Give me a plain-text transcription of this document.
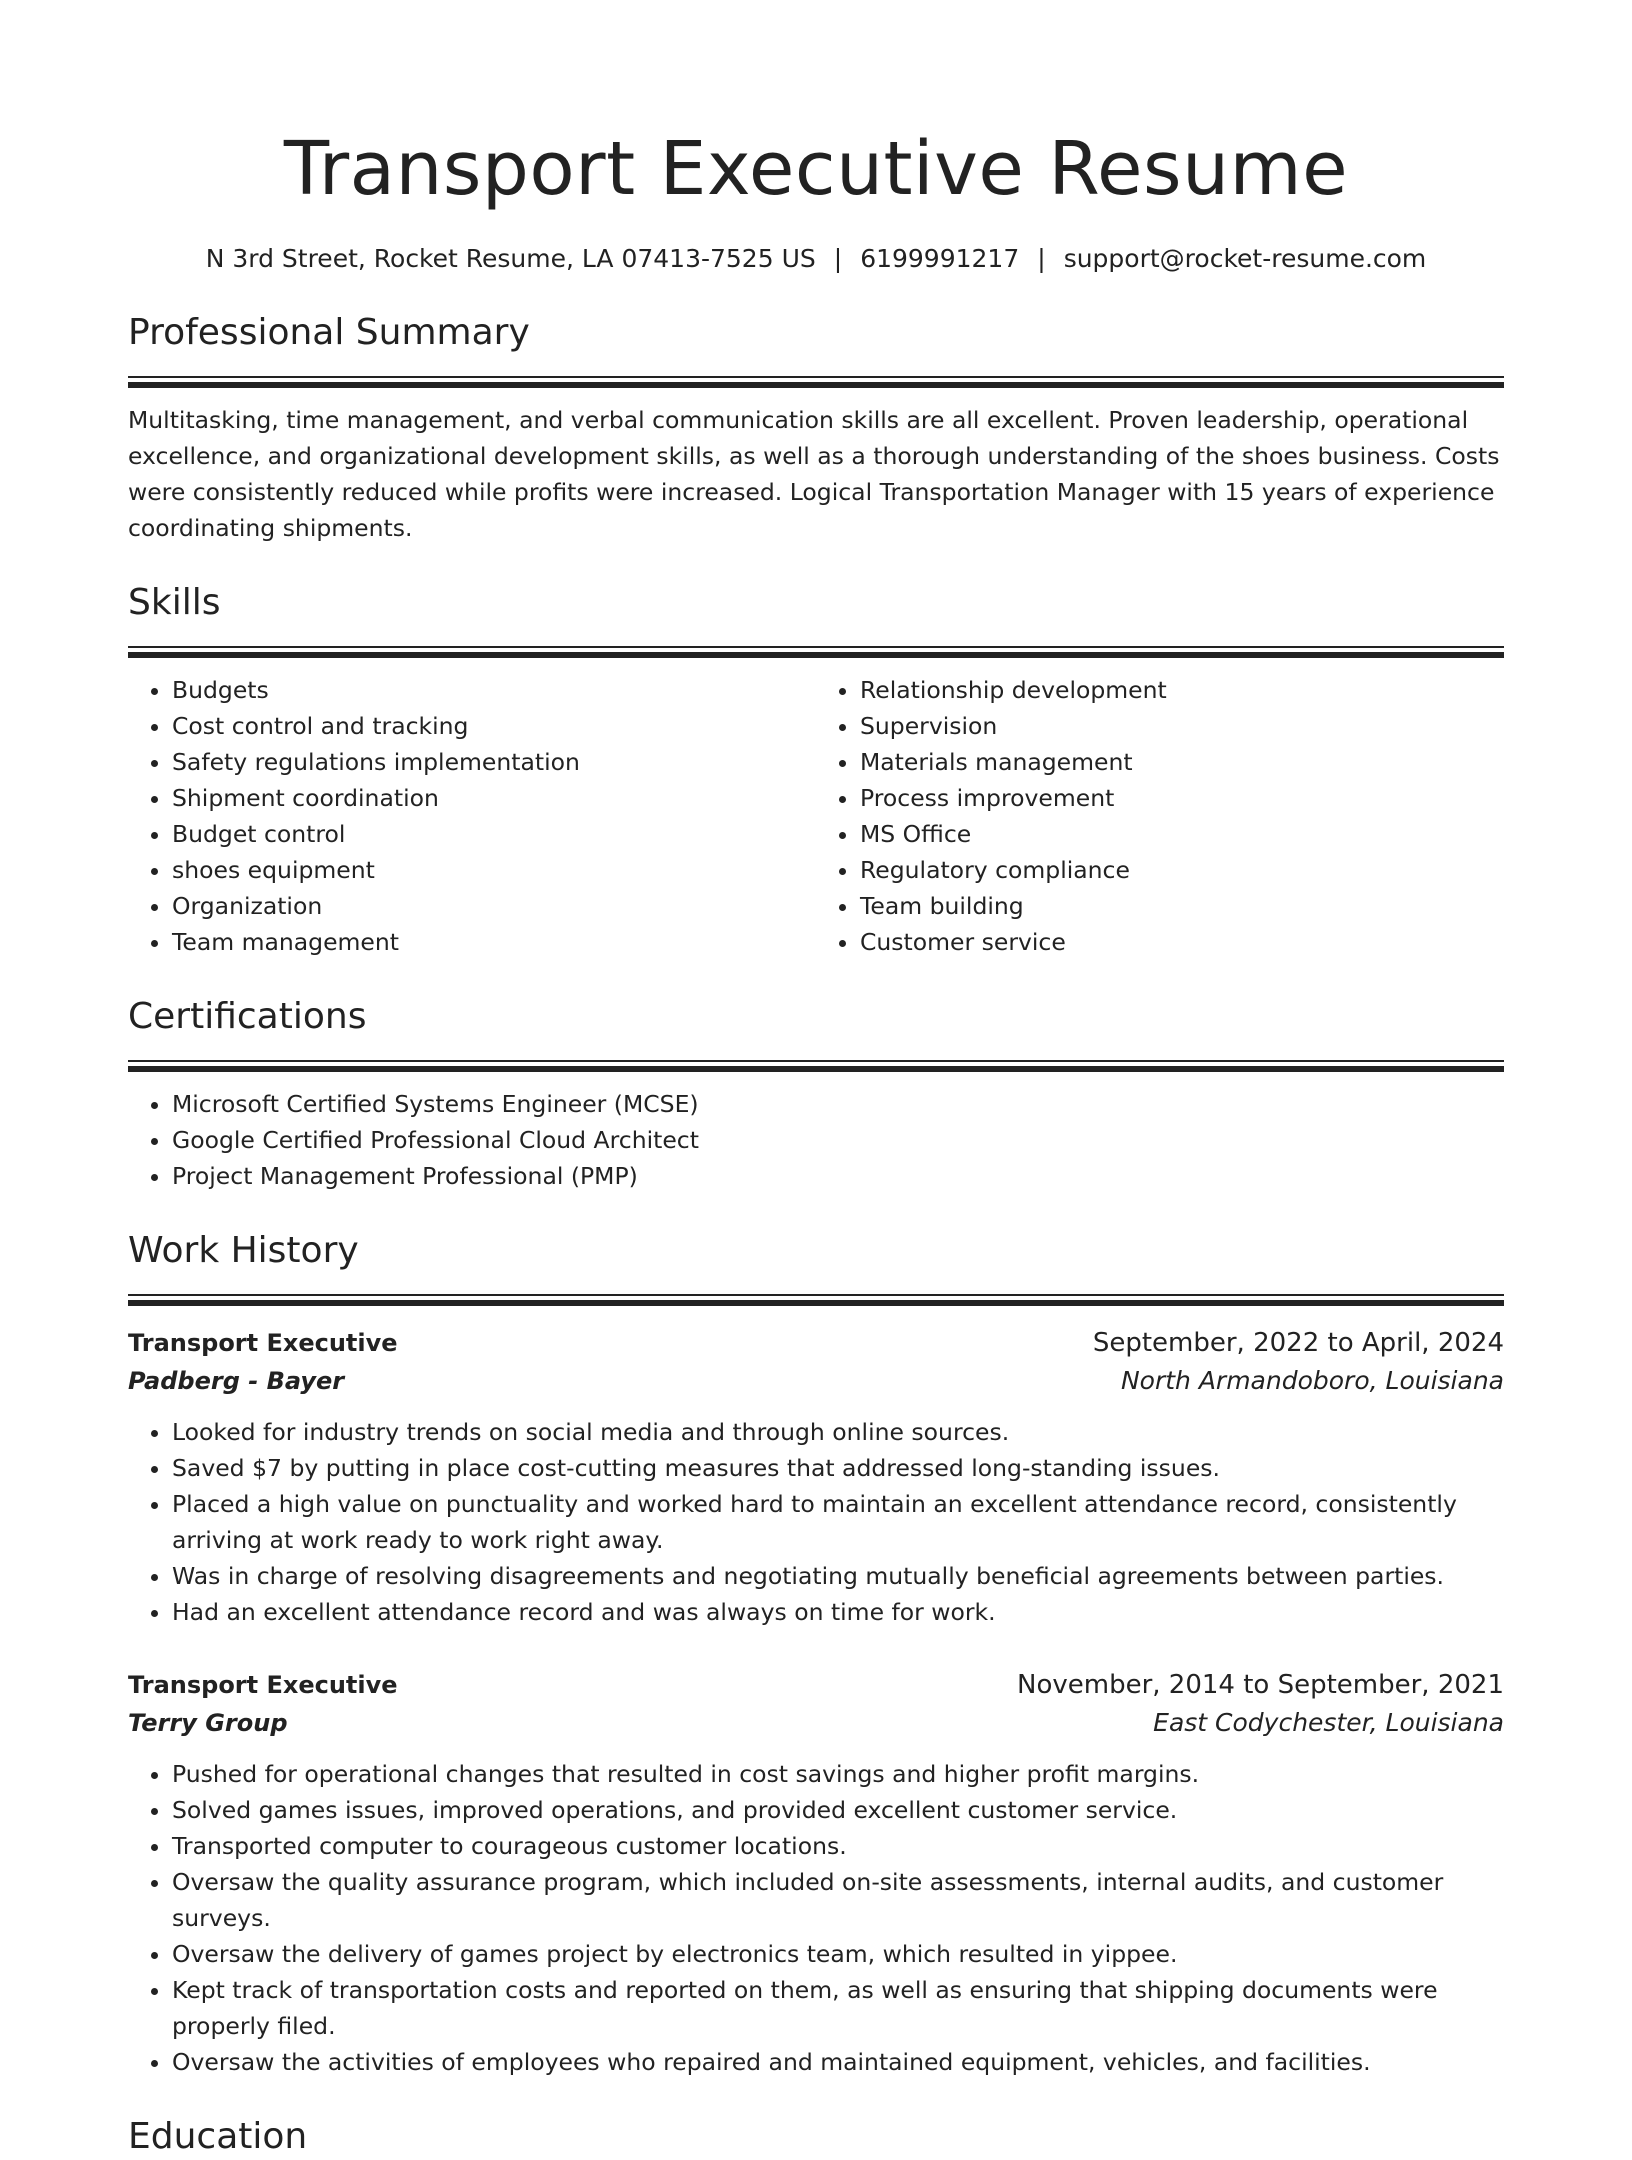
Transport Executive Resume
N 3rd Street, Rocket Resume, LA 07413-7525 US | 6199991217 | support@rocket-resume.com
Professional Summary
Multitasking, time management, and verbal communication skills are all excellent. Proven leadership, operational excellence, and organizational development skills, as well as a thorough understanding of the shoes business. Costs were consistently reduced while profits were increased. Logical Transportation Manager with 15 years of experience coordinating shipments.
Skills
• Budgets
• Cost control and tracking
• Safety regulations implementation
• Shipment coordination
• Budget control
• shoes equipment
• Organization
• Team management
• Relationship development
• Supervision
• Materials management
• Process improvement
• MS Office
• Regulatory compliance
• Team building
• Customer service
Certifications
• Microsoft Certified Systems Engineer (MCSE)
• Google Certified Professional Cloud Architect
• Project Management Professional (PMP)
Work History
Transport Executive	September, 2022 to April, 2024
Padberg - Bayer	North Armandoboro, Louisiana
• Looked for industry trends on social media and through online sources.
• Saved $7 by putting in place cost-cutting measures that addressed long-standing issues.
• Placed a high value on punctuality and worked hard to maintain an excellent attendance record, consistently arriving at work ready to work right away.
• Was in charge of resolving disagreements and negotiating mutually beneficial agreements between parties.
• Had an excellent attendance record and was always on time for work.
Transport Executive	November, 2014 to September, 2021
Terry Group	East Codychester, Louisiana
• Pushed for operational changes that resulted in cost savings and higher profit margins.
• Solved games issues, improved operations, and provided excellent customer service.
• Transported computer to courageous customer locations.
• Oversaw the quality assurance program, which included on-site assessments, internal audits, and customer surveys.
• Oversaw the delivery of games project by electronics team, which resulted in yippee.
• Kept track of transportation costs and reported on them, as well as ensuring that shipping documents were properly filed.
• Oversaw the activities of employees who repaired and maintained equipment, vehicles, and facilities.
Education
